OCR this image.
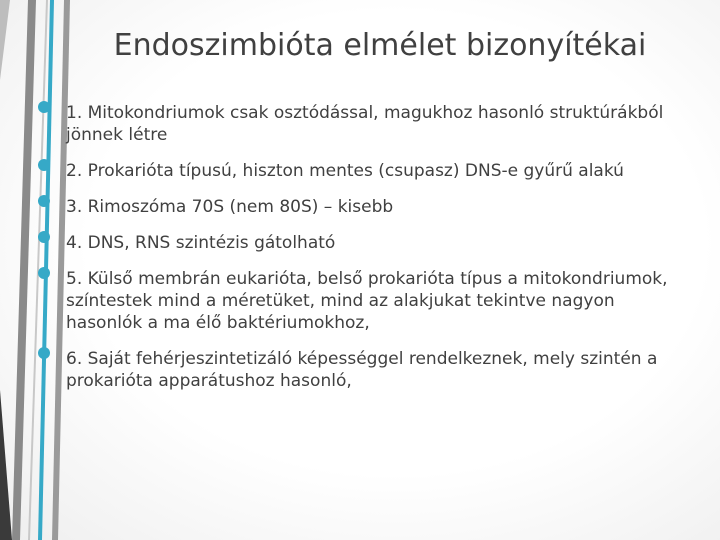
Endoszimbióta elmélet bizonyítékai
1. Mitokondriumok csak osztódással, magukhoz hasonló struktúrákból jönnek létre
2. Prokarióta típusú, hiszton mentes (csupasz) DNS-e gyűrű alakú
3. Rimoszóma 70S (nem 80S) – kisebb
4. DNS, RNS szintézis gátolható
5. Külső membrán eukarióta, belső prokarióta típus a mitokondriumok, színtestek mind a méretüket, mind az alakjukat tekintve nagyon hasonlók a ma élő baktériumokhoz,
6. Saját fehérjeszintetizáló képességgel rendelkeznek, mely szintén a prokarióta apparátushoz hasonló,
